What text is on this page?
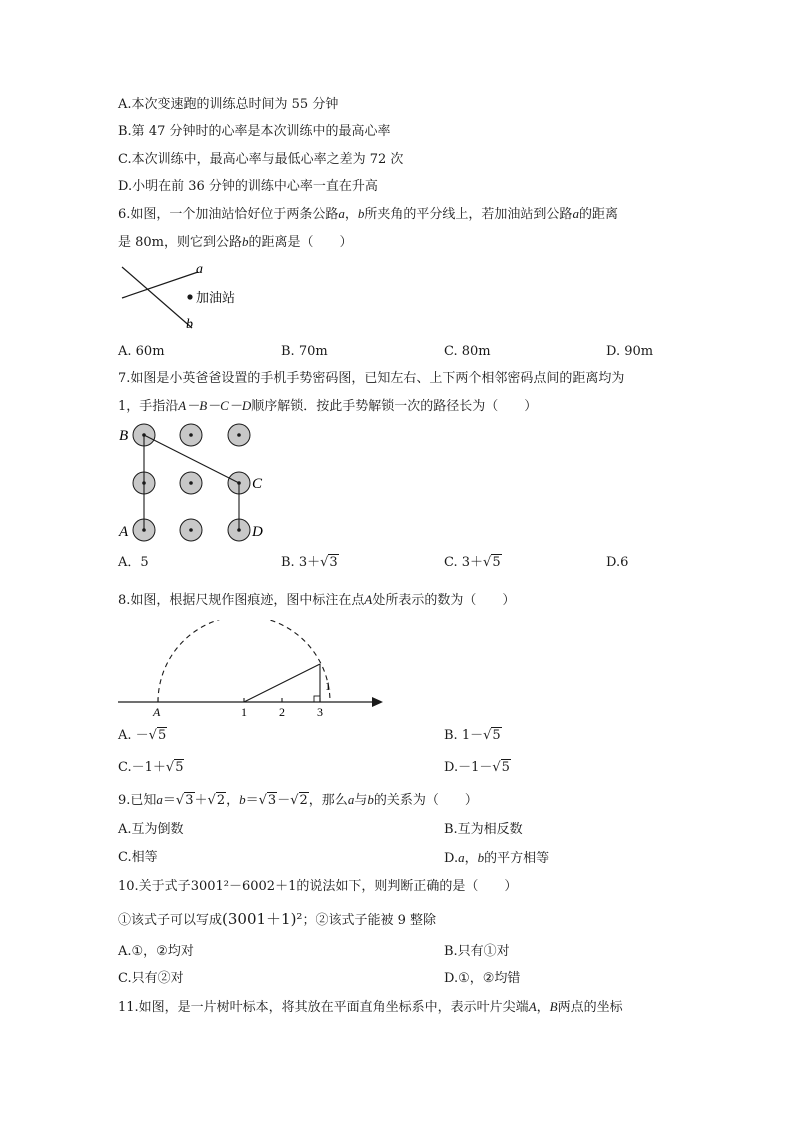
A.本次变速跑的训练总时间为 55 分钟
B.第 47 分钟时的心率是本次训练中的最高心率
C.本次训练中，最高心率与最低心率之差为 72 次
D.小明在前 36 分钟的训练中心率一直在升高
6.如图，一个加油站恰好位于两条公路a，b所夹角的平分线上，若加油站到公路a的距离
是 80m，则它到公路b的距离是（　　）
a
b
加油站
A. 60m	B. 70m	C. 80m	D. 90m
7.如图是小英爸爸设置的手机手势密码图，已知左右、上下两个相邻密码点间的距离均为
1，手指沿A－B－C－D顺序解锁．按此手势解锁一次的路径长为（　　）
B
C
A	D
A．5	B. 3＋√3	C. 3＋√5	D.6
8.如图，根据尺规作图痕迹，图中标注在点A处所表示的数为（　　）
A	1	2	3
1
A. －√5	B. 1－√5
C.－1＋√5	D.－1－√5
9.已知a＝√3＋√2，b＝√3－√2，那么a与b的关系为（　　）
A.互为倒数	B.互为相反数
C.相等	D.a，b的平方相等
10.关于式子3001²－6002＋1的说法如下，则判断正确的是（　　）
①该式子可以写成(3001＋1)²；②该式子能被 9 整除
A.①，②均对	B.只有①对
C.只有②对	D.①，②均错
11.如图，是一片树叶标本，将其放在平面直角坐标系中，表示叶片尖端A，B两点的坐标
